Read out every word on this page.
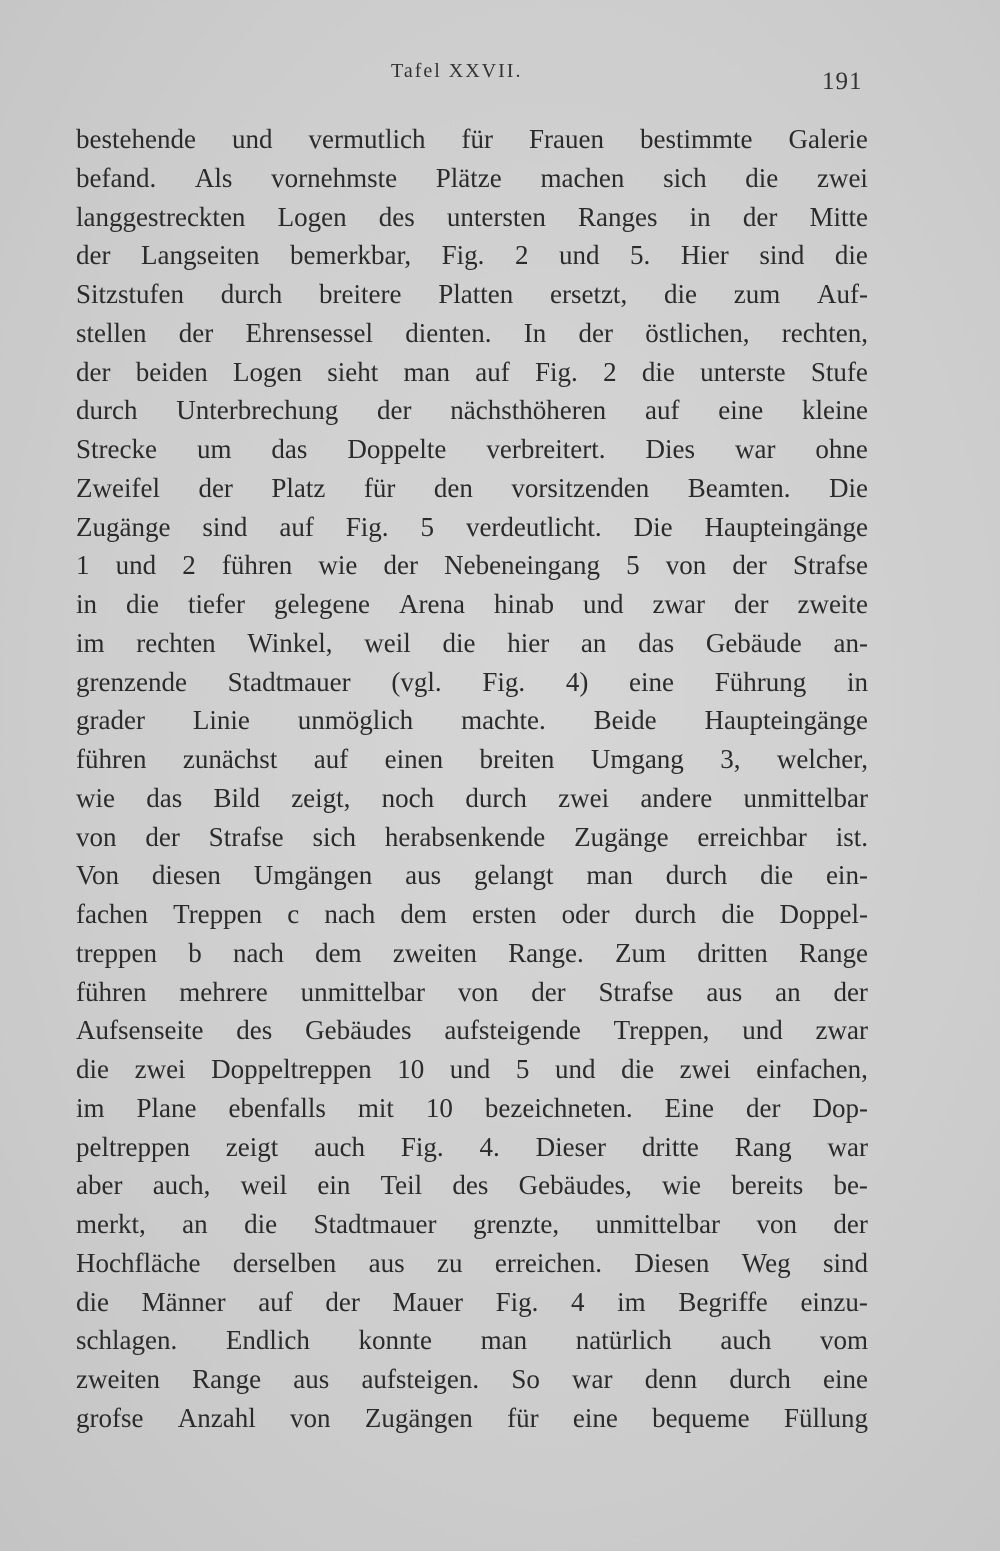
Tafel XXVII.	191
bestehende und vermutlich für Frauen bestimmte Galerie
befand. Als vornehmste Plätze machen sich die zwei
langgestreckten Logen des untersten Ranges in der Mitte
der Langseiten bemerkbar, Fig. 2 und 5. Hier sind die
Sitzstufen durch breitere Platten ersetzt, die zum Auf-
stellen der Ehrensessel dienten. In der östlichen, rechten,
der beiden Logen sieht man auf Fig. 2 die unterste Stufe
durch Unterbrechung der nächsthöheren auf eine kleine
Strecke um das Doppelte verbreitert. Dies war ohne
Zweifel der Platz für den vorsitzenden Beamten. Die
Zugänge sind auf Fig. 5 verdeutlicht. Die Haupteingänge
1 und 2 führen wie der Nebeneingang 5 von der Strafse
in die tiefer gelegene Arena hinab und zwar der zweite
im rechten Winkel, weil die hier an das Gebäude an-
grenzende Stadtmauer (vgl. Fig. 4) eine Führung in
grader Linie unmöglich machte. Beide Haupteingänge
führen zunächst auf einen breiten Umgang 3, welcher,
wie das Bild zeigt, noch durch zwei andere unmittelbar
von der Strafse sich herabsenkende Zugänge erreichbar ist.
Von diesen Umgängen aus gelangt man durch die ein-
fachen Treppen c nach dem ersten oder durch die Doppel-
treppen b nach dem zweiten Range. Zum dritten Range
führen mehrere unmittelbar von der Strafse aus an der
Aufsenseite des Gebäudes aufsteigende Treppen, und zwar
die zwei Doppeltreppen 10 und 5 und die zwei einfachen,
im Plane ebenfalls mit 10 bezeichneten. Eine der Dop-
peltreppen zeigt auch Fig. 4. Dieser dritte Rang war
aber auch, weil ein Teil des Gebäudes, wie bereits be-
merkt, an die Stadtmauer grenzte, unmittelbar von der
Hochfläche derselben aus zu erreichen. Diesen Weg sind
die Männer auf der Mauer Fig. 4 im Begriffe einzu-
schlagen. Endlich konnte man natürlich auch vom
zweiten Range aus aufsteigen. So war denn durch eine
grofse Anzahl von Zugängen für eine bequeme Füllung
